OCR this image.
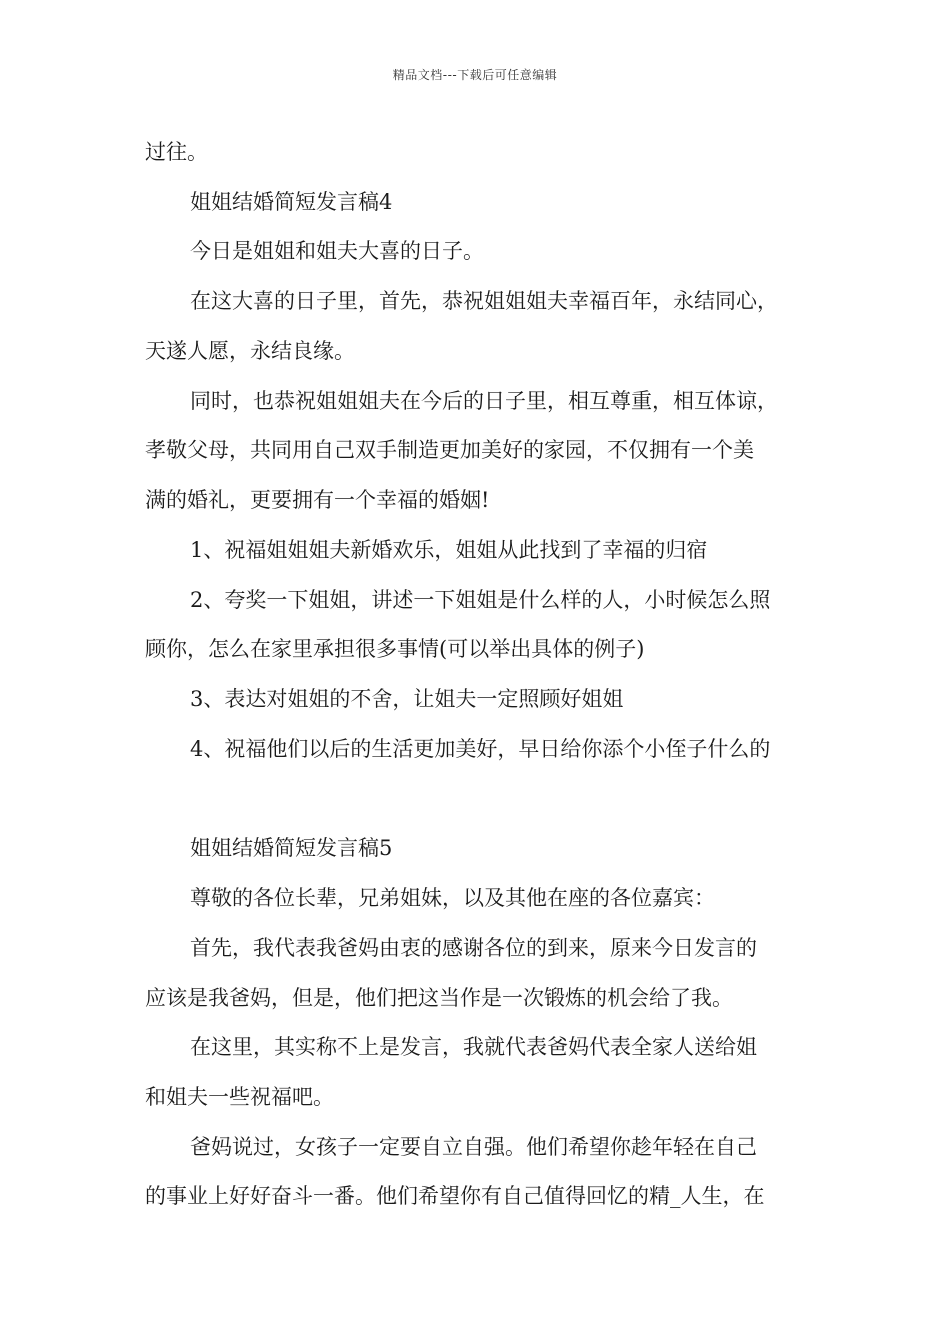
精品文档---下载后可任意编辑
过往。
姐姐结婚简短发言稿4
今日是姐姐和姐夫大喜的日子。
在这大喜的日子里，首先，恭祝姐姐姐夫幸福百年，永结同心，
天遂人愿，永结良缘。
同时，也恭祝姐姐姐夫在今后的日子里，相互尊重，相互体谅，
孝敬父母，共同用自己双手制造更加美好的家园，不仅拥有一个美
满的婚礼，更要拥有一个幸福的婚姻!
1、祝福姐姐姐夫新婚欢乐，姐姐从此找到了幸福的归宿
2、夸奖一下姐姐，讲述一下姐姐是什么样的人，小时候怎么照
顾你，怎么在家里承担很多事情(可以举出具体的例子)
3、表达对姐姐的不舍，让姐夫一定照顾好姐姐
4、祝福他们以后的生活更加美好，早日给你添个小侄子什么的
姐姐结婚简短发言稿5
尊敬的各位长辈，兄弟姐妹，以及其他在座的各位嘉宾：
首先，我代表我爸妈由衷的感谢各位的到来，原来今日发言的
应该是我爸妈，但是，他们把这当作是一次锻炼的机会给了我。
在这里，其实称不上是发言，我就代表爸妈代表全家人送给姐
和姐夫一些祝福吧。
爸妈说过，女孩子一定要自立自强。他们希望你趁年轻在自己
的事业上好好奋斗一番。他们希望你有自己值得回忆的精_人生，在
